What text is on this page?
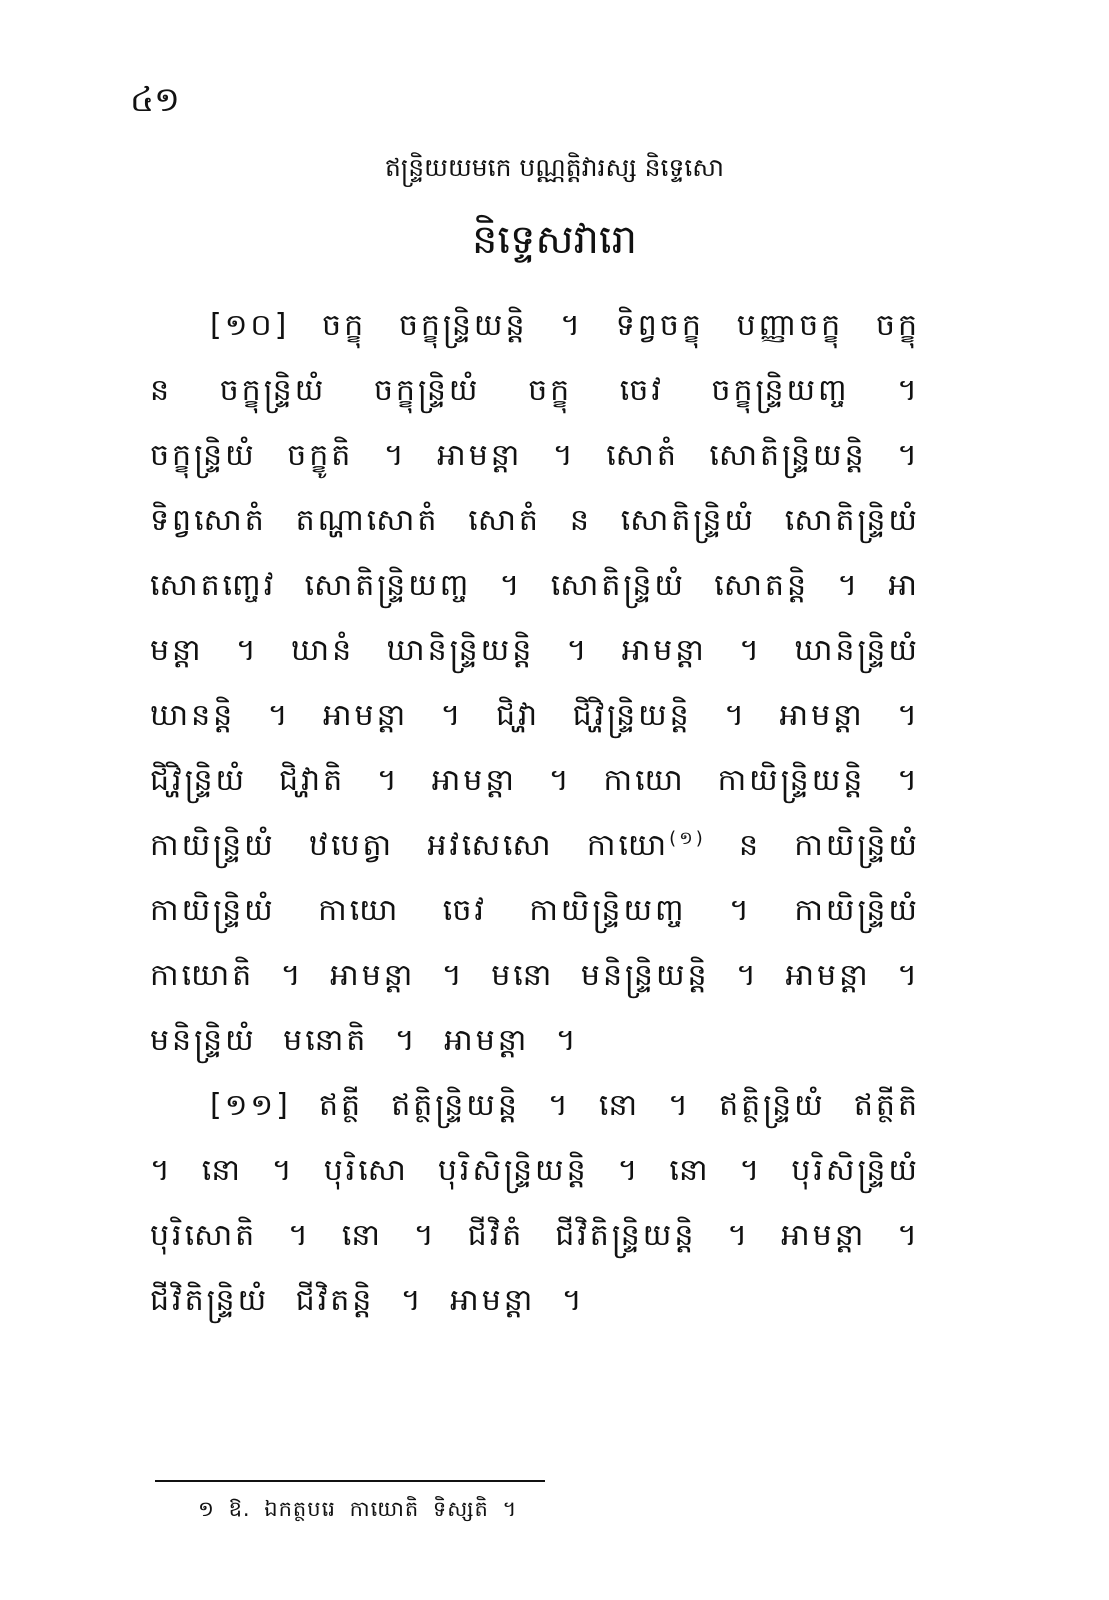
៤១
ឥន្ទ្រិយយមកេ បណ្ណត្តិវារស្ស និទ្ទេសោ
និទ្ទេសវារោ

[១០] ចក្ខុ ចក្ខុន្ទ្រិយន្តិ ។ ទិព្វចក្ខុ បញ្ញាចក្ខុ ចក្ខុ ន ចក្ខុន្ទ្រិយំ ចក្ខុន្ទ្រិយំ ចក្ខុ ចេវ ចក្ខុន្ទ្រិយញ្ច ។ ចក្ខុន្ទ្រិយំ ចក្ខូតិ ។ អាមន្តា ។ សោតំ សោតិន្ទ្រិយន្តិ ។ ទិព្វសោតំ តណ្ហាសោតំ សោតំ ន សោតិន្ទ្រិយំ សោតិន្ទ្រិយំ សោតញ្ចេវ សោតិន្ទ្រិយញ្ច ។ សោតិន្ទ្រិយំ សោតន្តិ ។ អាមន្តា ។ ឃានំ ឃានិន្ទ្រិយន្តិ ។ អាមន្តា ។ ឃានិន្ទ្រិយំ ឃានន្តិ ។ អាមន្តា ។ ជិវ្ហា ជិវ្ហិន្ទ្រិយន្តិ ។ អាមន្តា ។ ជិវ្ហិន្ទ្រិយំ ជិវ្ហាតិ ។ អាមន្តា ។ កាយោ កាយិន្ទ្រិយន្តិ ។ កាយិន្ទ្រិយំ ឋបេត្វា អវសេសោ កាយោ$^{(១)}$ ន កាយិន្ទ្រិយំ កាយិន្ទ្រិយំ កាយោ ចេវ កាយិន្ទ្រិយញ្ច ។ កាយិន្ទ្រិយំ កាយោតិ ។ អាមន្តា ។ មនោ មនិន្ទ្រិយន្តិ ។ អាមន្តា ។ មនិន្ទ្រិយំ មនោតិ ។ អាមន្តា ។

[១១] ឥត្ថី ឥត្ថិន្ទ្រិយន្តិ ។ នោ ។ ឥត្ថិន្ទ្រិយំ ឥត្ថីតិ ។ នោ ។ បុរិសោ បុរិសិន្ទ្រិយន្តិ ។ នោ ។ បុរិសិន្ទ្រិយំ បុរិសោតិ ។ នោ ។ ជីវិតំ ជីវិតិន្ទ្រិយន្តិ ។ អាមន្តា ។ ជីវិតិន្ទ្រិយំ ជីវិតន្តិ ។ អាមន្តា ។

១ ឱ. ឯកត្ថបរេ កាយោតិ ទិស្សតិ ។
